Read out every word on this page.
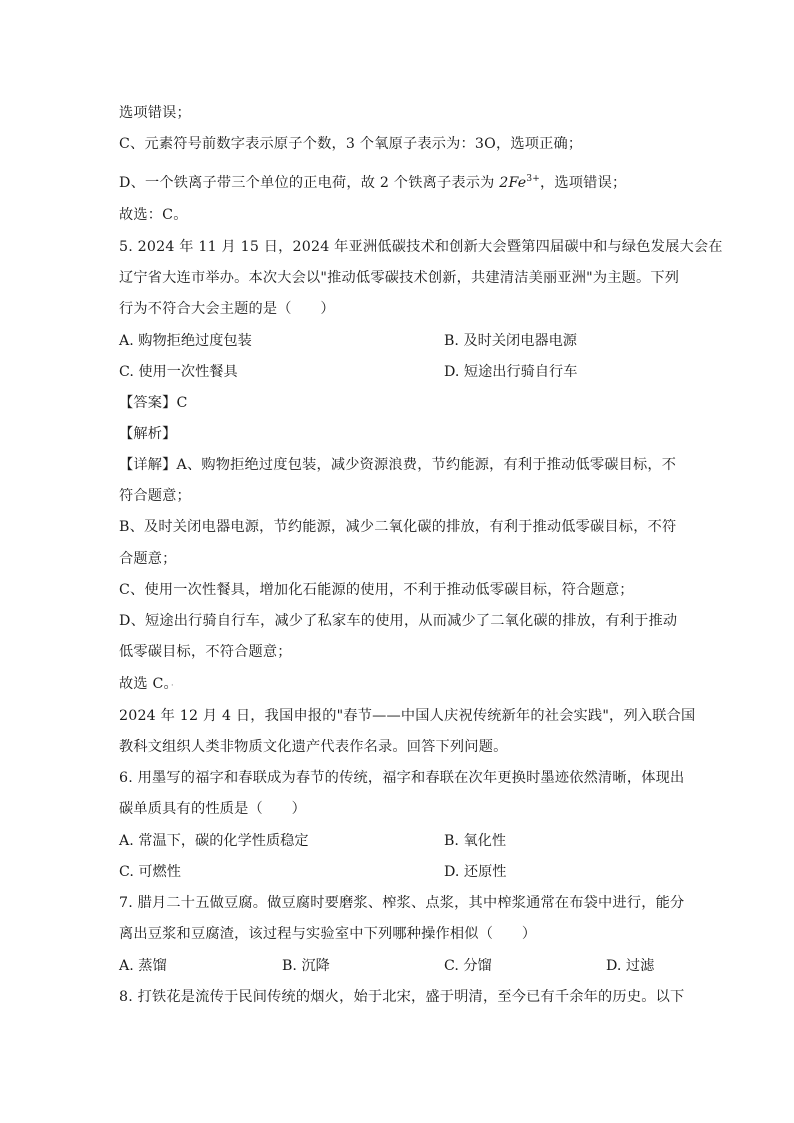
选项错误；
C、元素符号前数字表示原子个数，3 个氧原子表示为：3O，选项正确；
D、一个铁离子带三个单位的正电荷，故 2 个铁离子表示为 $2Fe^{3+}$，选项错误；
故选：C。
5. 2024 年 11 月 15 日，2024 年亚洲低碳技术和创新大会暨第四届碳中和与绿色发展大会在
辽宁省大连市举办。本次大会以"推动低零碳技术创新，共建清洁美丽亚洲"为主题。下列
行为不符合大会主题的是（　　）
A. 购物拒绝过度包装	B. 及时关闭电器电源
C. 使用一次性餐具	D. 短途出行骑自行车
【答案】C
【解析】
【详解】A、购物拒绝过度包装，减少资源浪费，节约能源，有利于推动低零碳目标，不
符合题意；
B、及时关闭电器电源，节约能源，减少二氧化碳的排放，有利于推动低零碳目标，不符
合题意；
C、使用一次性餐具，增加化石能源的使用，不利于推动低零碳目标，符合题意；
D、短途出行骑自行车，减少了私家车的使用，从而减少了二氧化碳的排放，有利于推动
低零碳目标，不符合题意；
故选 C。·
2024 年 12 月 4 日，我国申报的"春节——中国人庆祝传统新年的社会实践"，列入联合国
教科文组织人类非物质文化遗产代表作名录。回答下列问题。
6. 用墨写的福字和春联成为春节的传统，福字和春联在次年更换时墨迹依然清晰，体现出
碳单质具有的性质是（　　）
A. 常温下，碳的化学性质稳定	B. 氧化性
C. 可燃性	D. 还原性
7. 腊月二十五做豆腐。做豆腐时要磨浆、榨浆、点浆，其中榨浆通常在布袋中进行，能分
离出豆浆和豆腐渣，该过程与实验室中下列哪种操作相似（　　）
A. 蒸馏	B. 沉降	C. 分馏	D. 过滤
8. 打铁花是流传于民间传统的烟火，始于北宋，盛于明清，至今已有千余年的历史。以下
